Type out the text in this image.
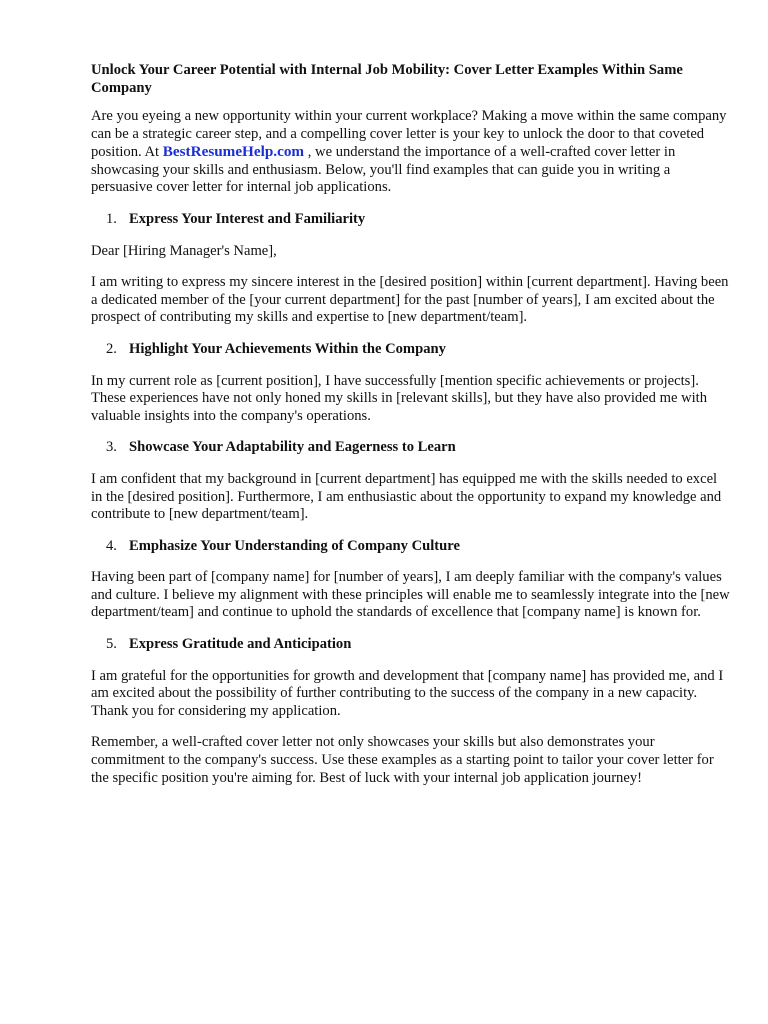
Unlock Your Career Potential with Internal Job Mobility: Cover Letter Examples Within Same Company

Are you eyeing a new opportunity within your current workplace? Making a move within the same company can be a strategic career step, and a compelling cover letter is your key to unlock the door to that coveted position. At BestResumeHelp.com , we understand the importance of a well-crafted cover letter in showcasing your skills and enthusiasm. Below, you'll find examples that can guide you in writing a persuasive cover letter for internal job applications.

1. Express Your Interest and Familiarity

Dear [Hiring Manager's Name],

I am writing to express my sincere interest in the [desired position] within [current department]. Having been a dedicated member of the [your current department] for the past [number of years], I am excited about the prospect of contributing my skills and expertise to [new department/team].

2. Highlight Your Achievements Within the Company

In my current role as [current position], I have successfully [mention specific achievements or projects]. These experiences have not only honed my skills in [relevant skills], but they have also provided me with valuable insights into the company's operations.

3. Showcase Your Adaptability and Eagerness to Learn

I am confident that my background in [current department] has equipped me with the skills needed to excel in the [desired position]. Furthermore, I am enthusiastic about the opportunity to expand my knowledge and contribute to [new department/team].

4. Emphasize Your Understanding of Company Culture

Having been part of [company name] for [number of years], I am deeply familiar with the company's values and culture. I believe my alignment with these principles will enable me to seamlessly integrate into the [new department/team] and continue to uphold the standards of excellence that [company name] is known for.

5. Express Gratitude and Anticipation

I am grateful for the opportunities for growth and development that [company name] has provided me, and I am excited about the possibility of further contributing to the success of the company in a new capacity. Thank you for considering my application.

Remember, a well-crafted cover letter not only showcases your skills but also demonstrates your commitment to the company's success. Use these examples as a starting point to tailor your cover letter for the specific position you're aiming for. Best of luck with your internal job application journey!
